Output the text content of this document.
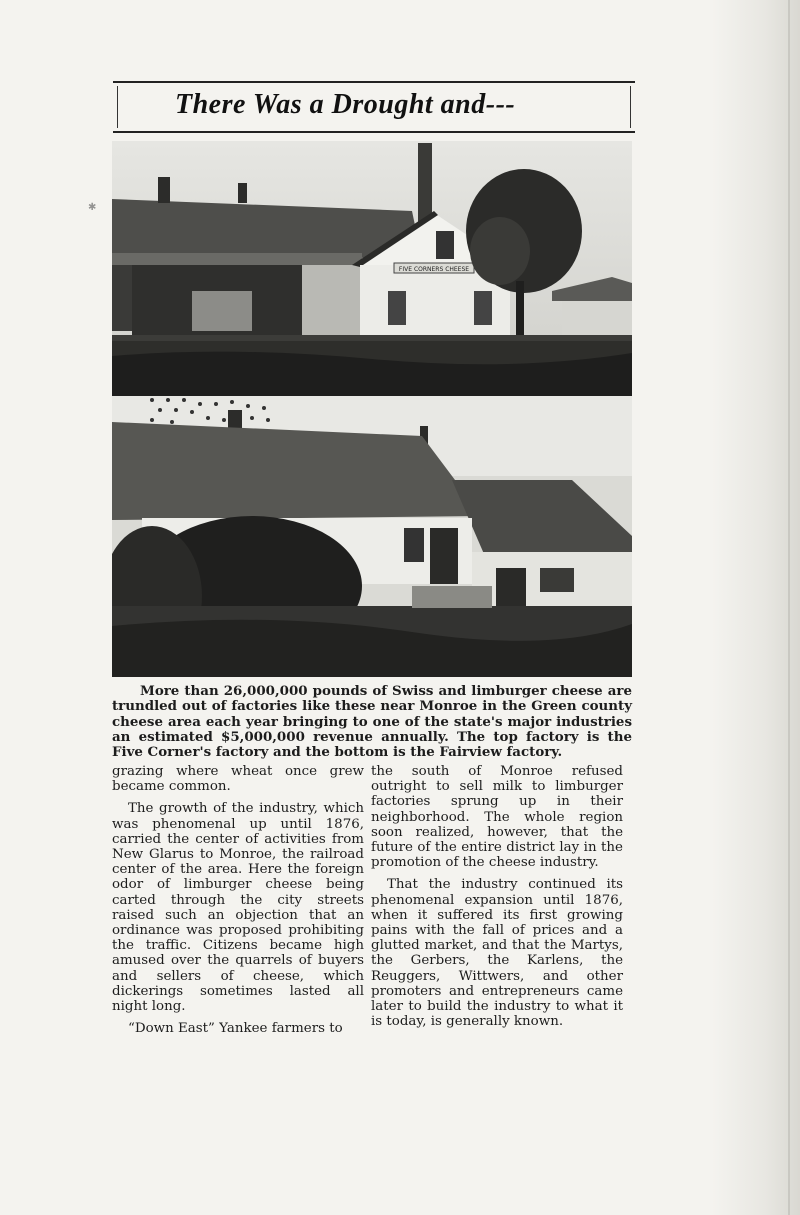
✱
There Was a Drought and---
FIVE CORNERS CHEESE
More than 26,000,000 pounds of Swiss and limburger cheese are trundled out of factories like these near Monroe in the Green county cheese area each year bringing to one of the state's major industries an estimated $5,000,000 revenue annually. The top factory is the Five Corner's factory and the bottom is the Fairview factory.

grazing where wheat once grew became common.

The growth of the industry, which was phenomenal up until 1876, carried the center of activities from New Glarus to Monroe, the railroad center of the area. Here the foreign odor of limburger cheese being carted through the city streets raised such an objection that an ordinance was proposed prohibiting the traffic. Citizens became high amused over the quarrels of buyers and sellers of cheese, which dickerings sometimes lasted all night long.

“Down East” Yankee farmers to

the south of Monroe refused outright to sell milk to limburger factories sprung up in their neighborhood. The whole region soon realized, however, that the future of the entire district lay in the promotion of the cheese industry.

That the industry continued its phenomenal expansion until 1876, when it suffered its first growing pains with the fall of prices and a glutted market, and that the Martys, the Gerbers, the Karlens, the Reuggers, Wittwers, and other promoters and entrepreneurs came later to build the industry to what it is today, is generally known.
